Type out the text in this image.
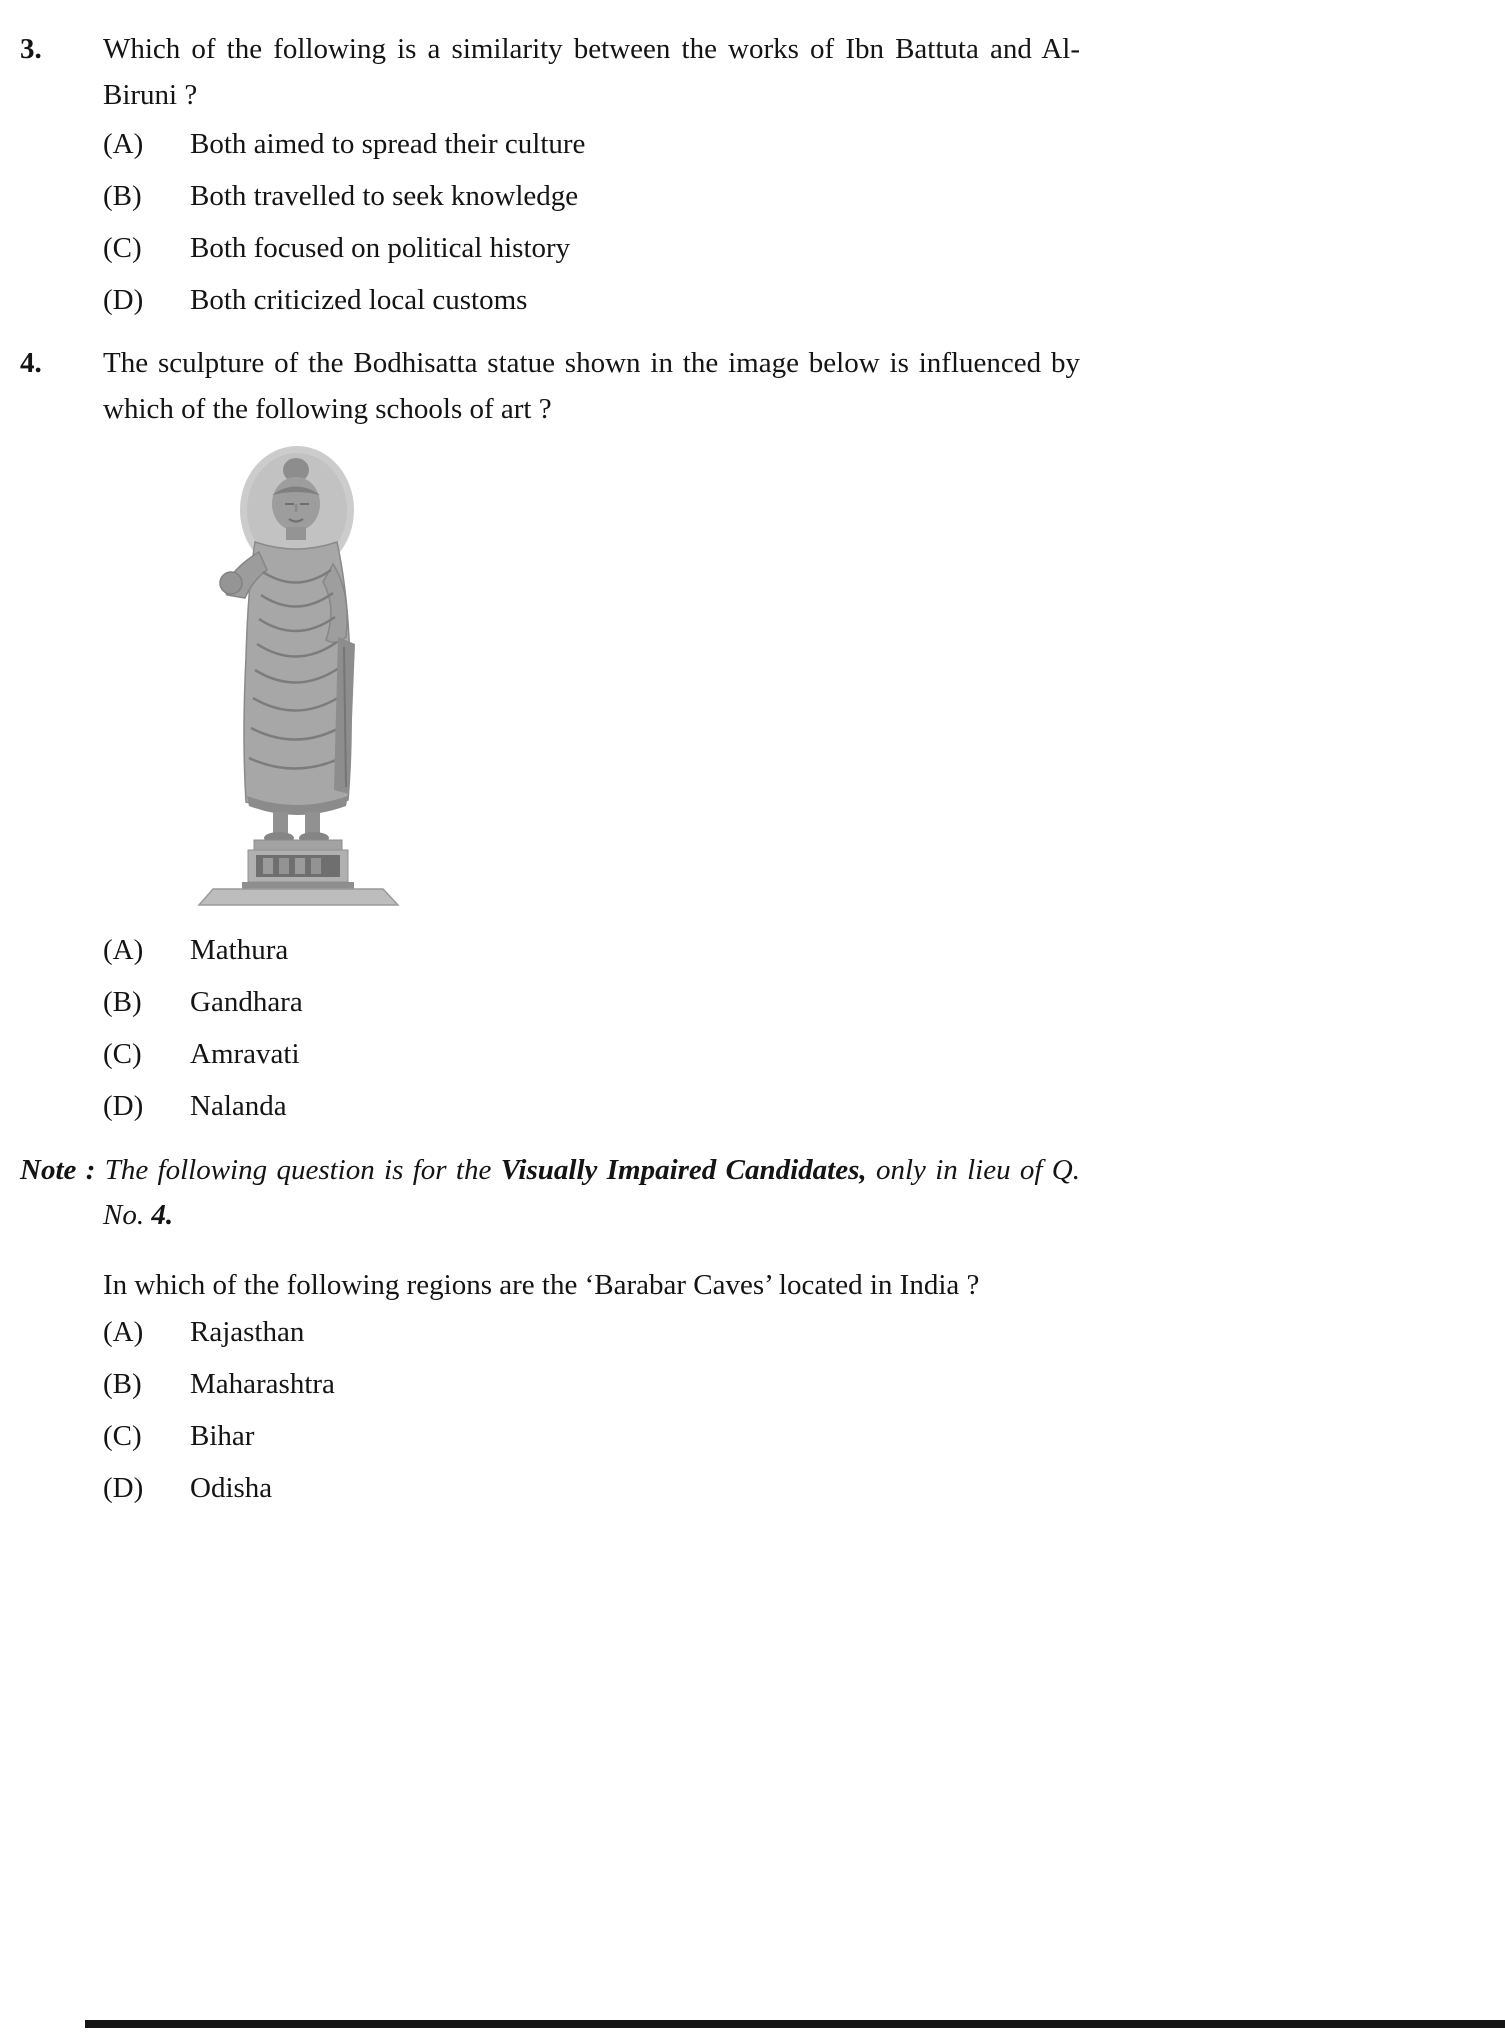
3.	Which of the following is a similarity between the works of Ibn Battuta and Al-Biruni ?
(A)	Both aimed to spread their culture
(B)	Both travelled to seek knowledge
(C)	Both focused on political history
(D)	Both criticized local customs
4.	The sculpture of the Bodhisatta statue shown in the image below is influenced by which of the following schools of art ?
(A)	Mathura
(B)	Gandhara
(C)	Amravati
(D)	Nalanda
Note : The following question is for the Visually Impaired Candidates, only in lieu of Q. No. 4.
In which of the following regions are the ‘Barabar Caves’ located in India ?
(A)	Rajasthan
(B)	Maharashtra
(C)	Bihar
(D)	Odisha
